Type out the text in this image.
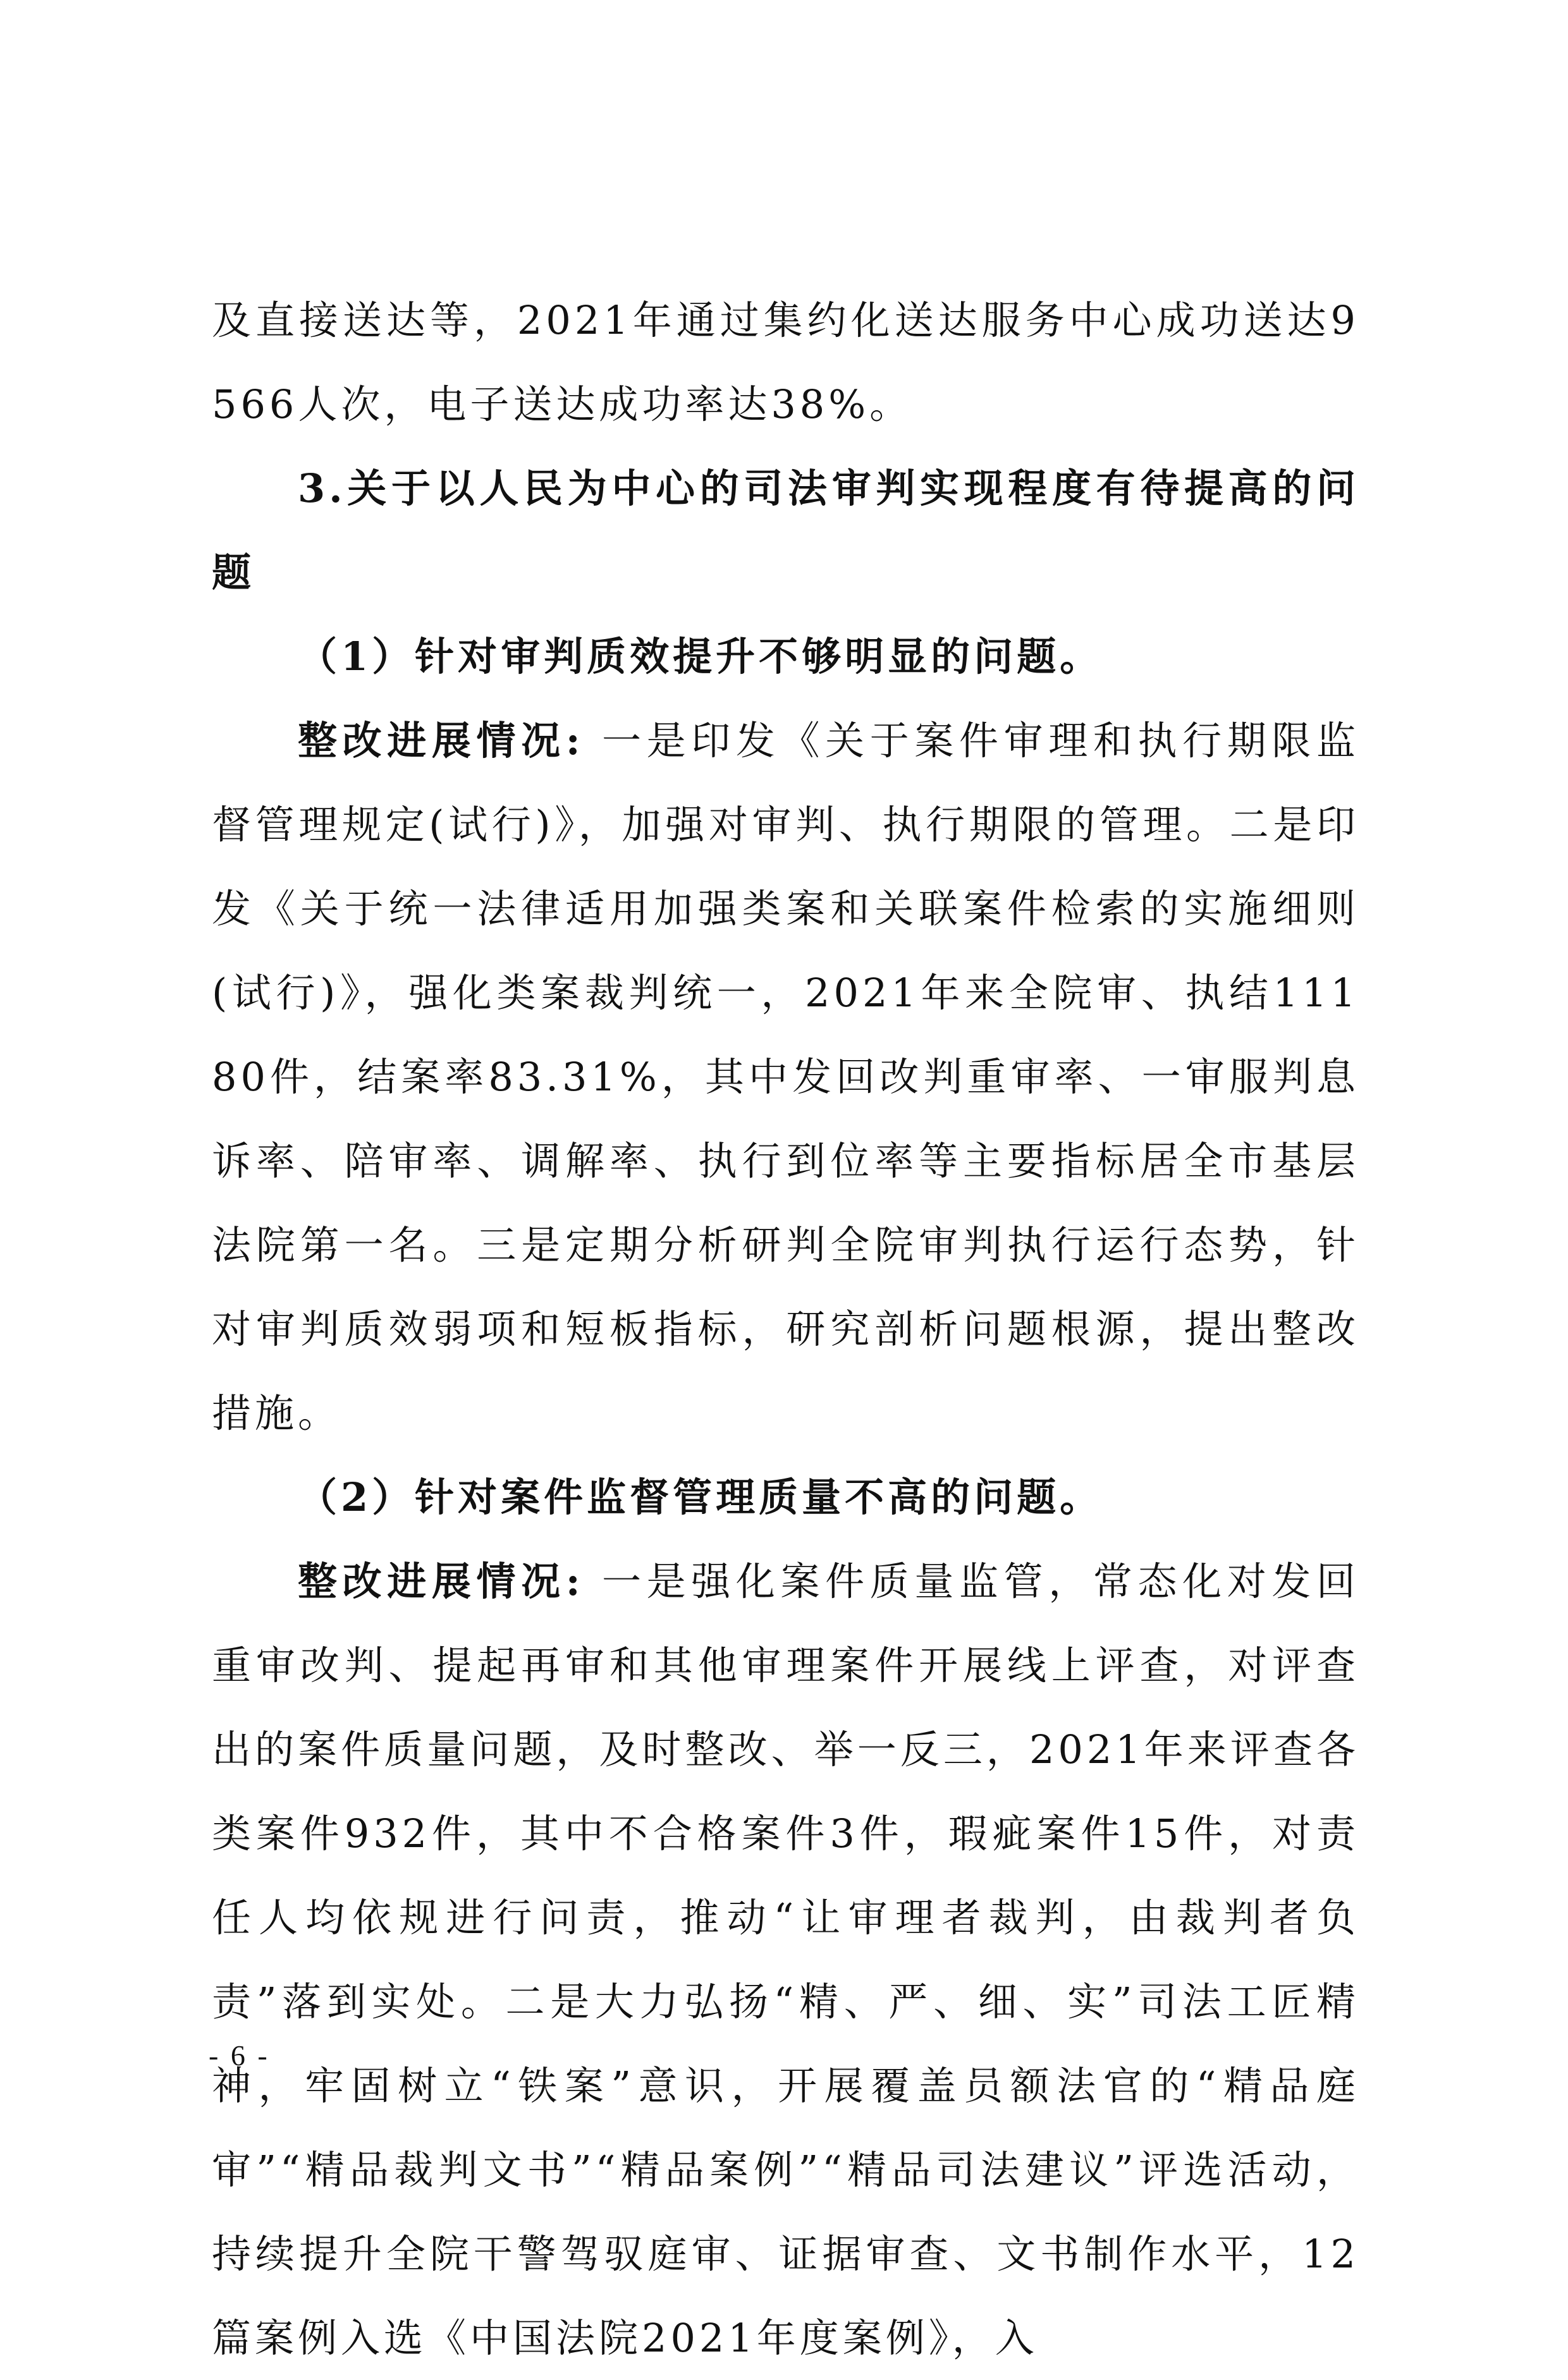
及直接送达等，2021年通过集约化送达服务中心成功送达9566人次，电子送达成功率达38%。

3.关于以人民为中心的司法审判实现程度有待提高的问题

（1）针对审判质效提升不够明显的问题。

整改进展情况: 一是印发《关于案件审理和执行期限监督管理规定(试行)》，加强对审判、执行期限的管理。二是印发《关于统一法律适用加强类案和关联案件检索的实施细则(试行)》，强化类案裁判统一，2021年来全院审、执结11180件，结案率83.31%，其中发回改判重审率、一审服判息诉率、陪审率、调解率、执行到位率等主要指标居全市基层法院第一名。三是定期分析研判全院审判执行运行态势，针对审判质效弱项和短板指标，研究剖析问题根源，提出整改措施。

（2）针对案件监督管理质量不高的问题。

整改进展情况: 一是强化案件质量监管，常态化对发回重审改判、提起再审和其他审理案件开展线上评查，对评查出的案件质量问题，及时整改、举一反三，2021年来评查各类案件932件，其中不合格案件3件，瑕疵案件15件，对责任人均依规进行问责，推动“让审理者裁判，由裁判者负责”落到实处。二是大力弘扬“精、严、细、实”司法工匠精神，牢固树立“铁案”意识，开展覆盖员额法官的“精品庭审”“精品裁判文书”“精品案例”“精品司法建议”评选活动，持续提升全院干警驾驭庭审、证据审查、文书制作水平，12篇案例入选《中国法院2021年度案例》，入

- 6 -
